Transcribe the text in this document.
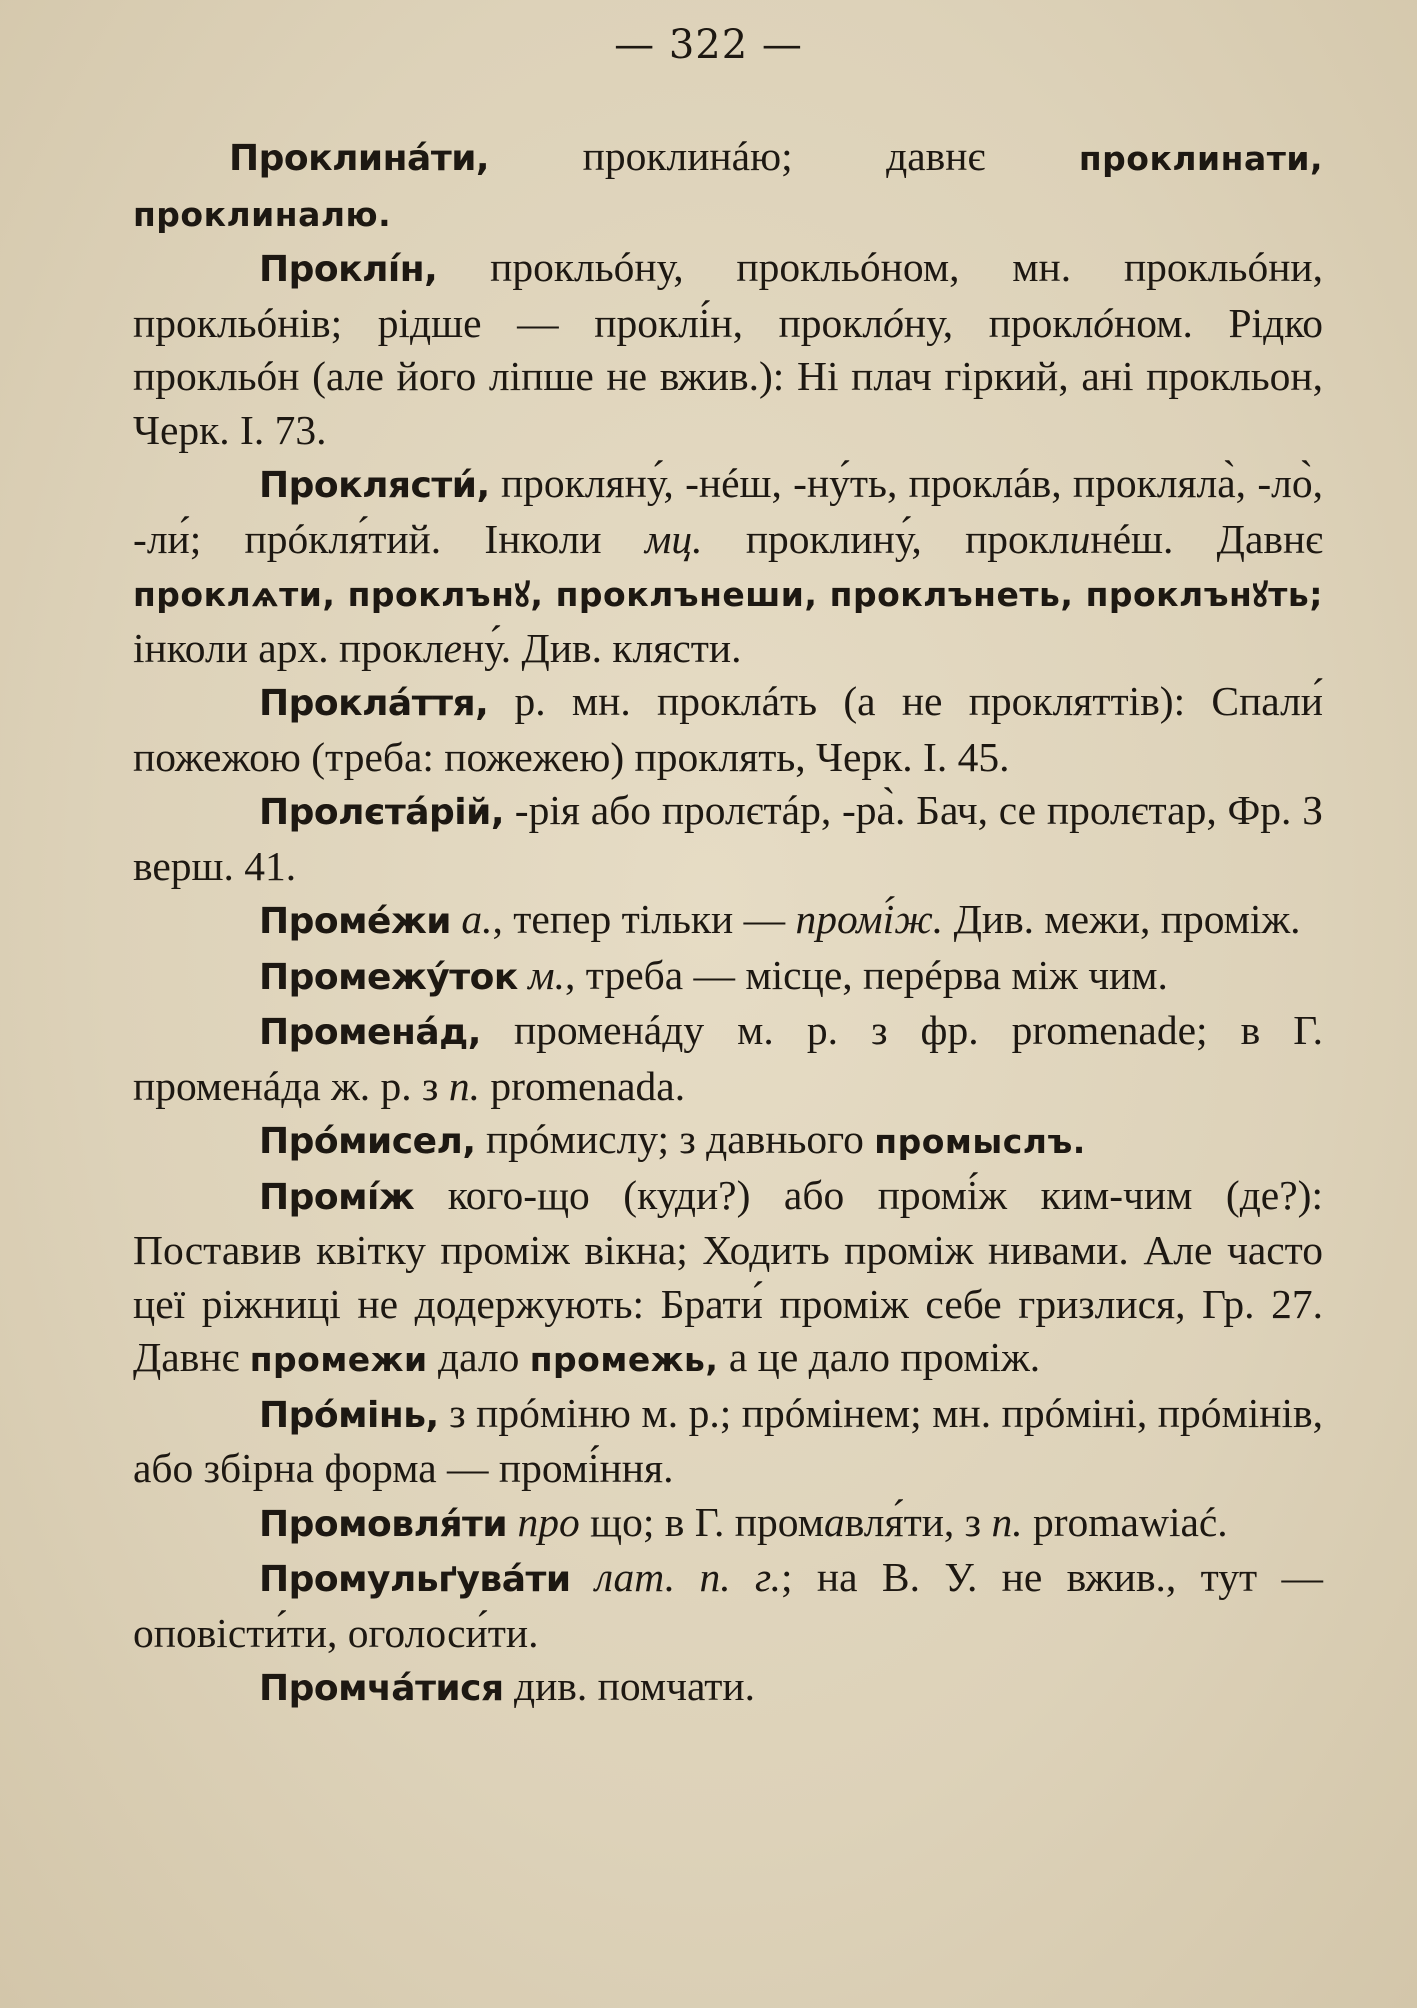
— 322 —

Проклинáти, проклинáю; давнє проклинати, проклиналю.

Проклі́н, прокльóну, прокльóном, мн. прокльóни, прокльóнів; рідше — проклі́н, проклóну, проклóном. Рідко прокльóн (але його ліпше не вжив.): Ні плач гіркий, ані прокльон, Черк. І. 73.

Проклясти́, прокляну́, -нéш, -ну́ть, проклáв, прокляла̀, -ло̀, -ли́; прóкля́тий. Інколи мц. проклину́, проклинéш. Давнє проклѧти, проклънꙋ, проклънеши, проклънеть, проклънꙋть; інколи арх. проклену́. Див. клясти.

Проклáття, р. мн. проклáть (а не прокляттів): Спали́ пожежою (треба: пожежею) проклять, Черк. І. 45.

Пролєтáрій, -рія або пролєтáр, -ра̀. Бач, се пролєтар, Фр. З верш. 41.

Промéжи а., тепер тільки — промі́ж. Див. межи, проміж.

Промежу́ток м., треба — місце, перéрва між чим.

Променáд, променáду м. р. з фр. promenade; в Г. променáда ж. р. з п. promenada.

Прóмисел, прóмислу; з давнього промыслъ.

Промі́ж кого-що (куди?) або промі́ж ким-чим (де?): Поставив квітку проміж вікна; Ходить проміж нивами. Але часто цеї ріжниці не додержують: Брати́ проміж себе гризлися, Гр. 27. Давнє промежи дало промежь, а це дало проміж.

Прóмінь, з прóміню м. р.; прóмінем; мн. прóміні, прóмінів, або збірна форма — промі́ння.

Промовля́ти про що; в Г. промавля́ти, з п. promawiać.

Промульґувáти лат. п. г.; на В. У. не вжив., тут — оповісти́ти, оголоси́ти.

Промчáтися див. помчати.
